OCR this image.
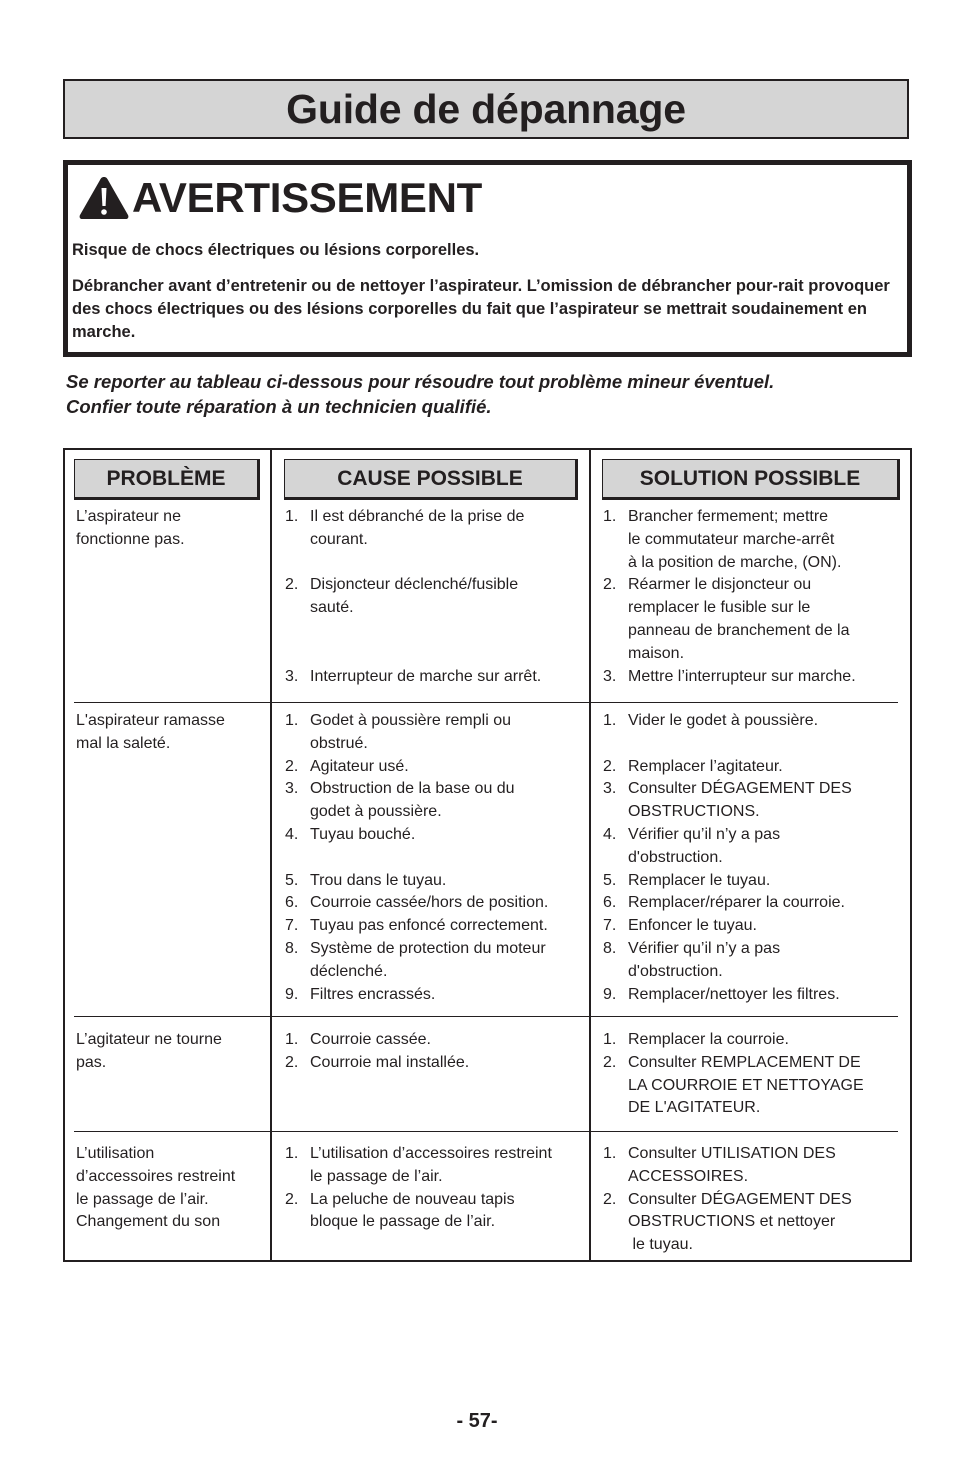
Guide de dépannage
AVERTISSEMENT

Risque de chocs électriques ou lésions corporelles.

Débrancher avant d’entretenir ou de nettoyer l’aspirateur. L’omission de débrancher pour-rait provoquer des chocs électriques ou des lésions corporelles du fait que l’aspirateur se mettrait soudainement en marche.

Se reporter au tableau ci-dessous pour résoudre tout problème mineur éventuel.

Confier toute réparation à un technicien qualifié.

PROBLÈME	CAUSE POSSIBLE	SOLUTION POSSIBLE
L’aspirateur ne
fonctionne pas.
1. Il est débranché de la prise de
courant.
2. Disjoncteur déclenché/fusible
sauté.
3. Interrupteur de marche sur arrêt.
1. Brancher fermement; mettre
le commutateur marche-arrêt
à la position de marche, (ON).
2. Réarmer le disjoncteur ou
remplacer le fusible sur le
panneau de branchement de la
maison.
3. Mettre l’interrupteur sur marche.
L'aspirateur ramasse
mal la saleté.
1. Godet à poussière rempli ou
obstrué.
2. Agitateur usé.
3. Obstruction de la base ou du
godet à poussière.
4. Tuyau bouché.
5. Trou dans le tuyau.
6. Courroie cassée/hors de position.
7. Tuyau pas enfoncé correctement.
8. Système de protection du moteur
déclenché.
9. Filtres encrassés.
1. Vider le godet à poussière.
2. Remplacer l’agitateur.
3. Consulter DÉGAGEMENT DES
OBSTRUCTIONS.
4. Vérifier qu’il n’y a pas
d'obstruction.
5. Remplacer le tuyau.
6. Remplacer/réparer la courroie.
7. Enfoncer le tuyau.
8. Vérifier qu’il n’y a pas
d'obstruction.
9. Remplacer/nettoyer les filtres.
L’agitateur ne tourne
pas.
1. Courroie cassée.
2. Courroie mal installée.
1. Remplacer la courroie.
2. Consulter REMPLACEMENT DE
LA COURROIE ET NETTOYAGE
DE L'AGITATEUR.
L’utilisation
d’accessoires restreint
le passage de l’air.
Changement du son
1. L’utilisation d’accessoires restreint
le passage de l’air.
2. La peluche de nouveau tapis
bloque le passage de l’air.
1. Consulter UTILISATION DES
ACCESSOIRES.
2. Consulter DÉGAGEMENT DES
OBSTRUCTIONS et nettoyer
le tuyau.
- 57-
